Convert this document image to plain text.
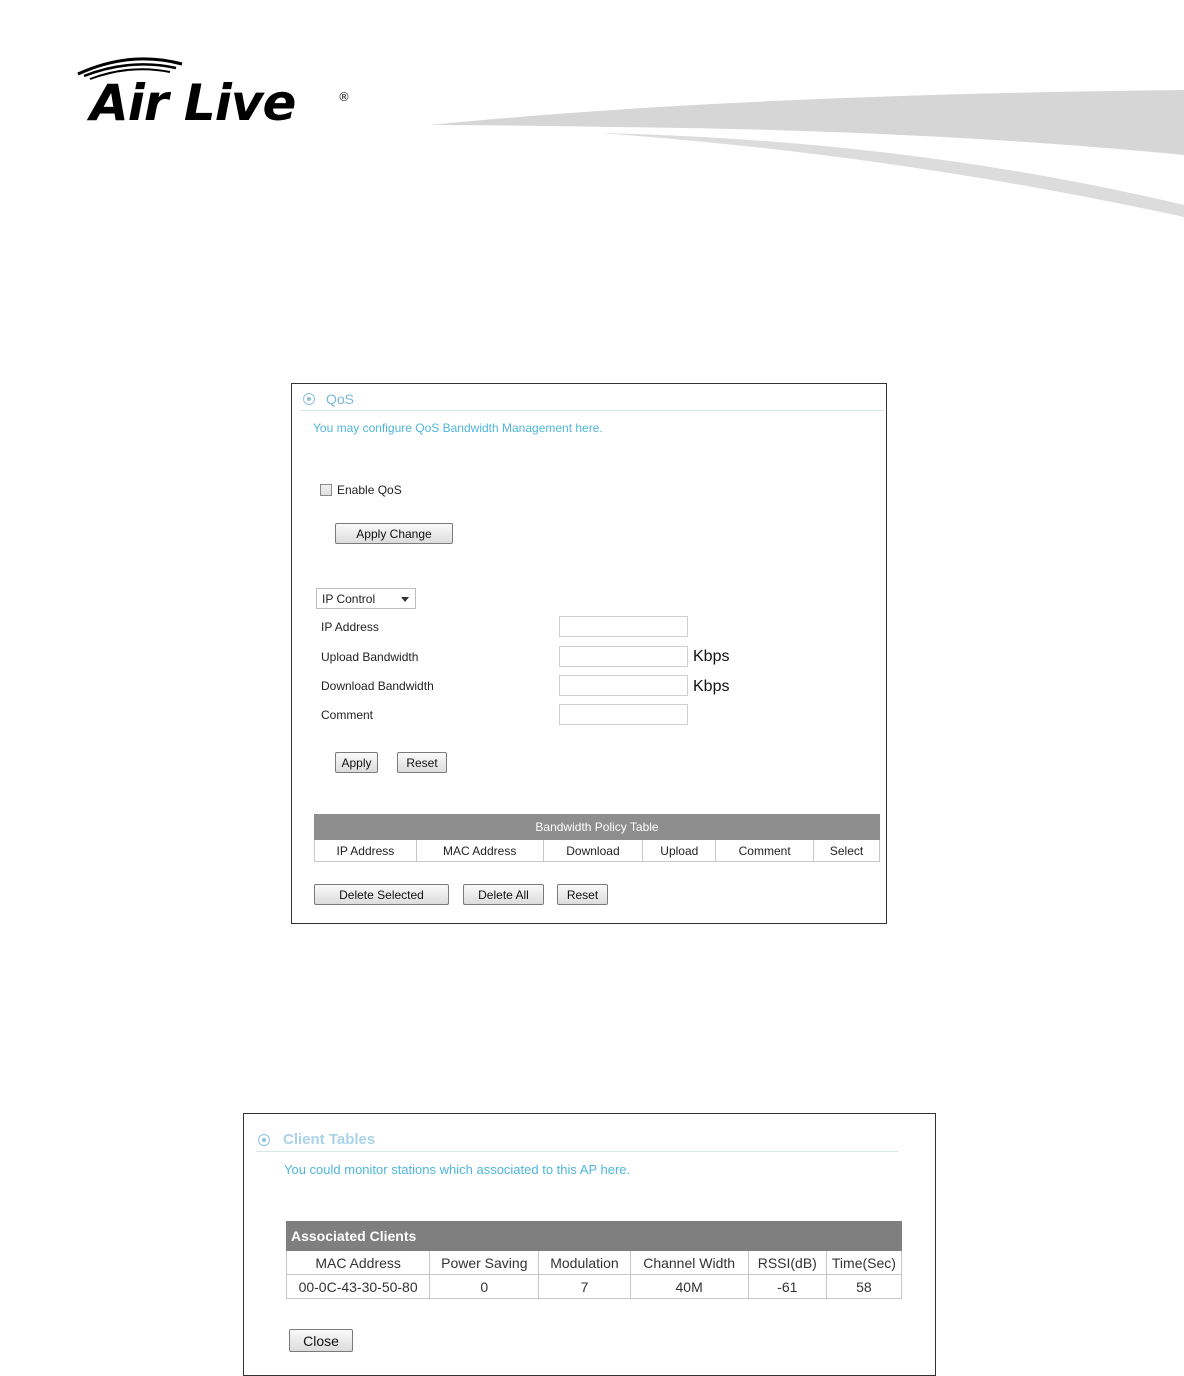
Air Live	®
QoS
You may configure QoS Bandwidth Management here.
Enable QoS
Apply Change
IP Control
IP Address
Upload Bandwidth	Kbps
Download Bandwidth	Kbps
Comment
Apply	Reset
Bandwidth Policy Table
IP Address	MAC Address	Download	Upload	Comment	Select
Delete Selected	Delete All	Reset
Client Tables
You could monitor stations which associated to this AP here.
Associated Clients					
MAC Address	Power Saving	Modulation	Channel Width	RSSI(dB)	Time(Sec)
00-0C-43-30-50-80	0	7	40M	-61	58
Close
